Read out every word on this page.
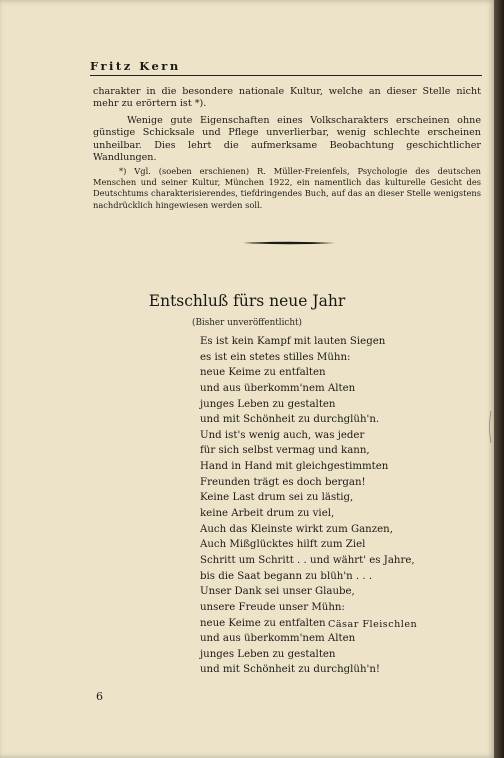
Fritz Kern
charakter in die besondere nationale Kultur, welche an dieser Stelle nicht mehr zu erörtern ist *).
Wenige gute Eigenschaften eines Volkscharakters erscheinen ohne günstige Schicksale und Pflege unverlierbar, wenig schlechte erscheinen unheilbar. Dies lehrt die aufmerksame Beobachtung geschichtlicher Wandlungen.
*) Vgl. (soeben erschienen) R. Müller-Freienfels, Psychologie des deutschen Menschen und seiner Kultur, München 1922, ein namentlich das kulturelle Gesicht des Deutschtums charakterisierendes, tiefdringendes Buch, auf das an dieser Stelle wenigstens nachdrücklich hingewiesen werden soll.
Entschluß fürs neue Jahr
(Bisher unveröffentlicht)
Es ist kein Kampf mit lauten Siegen
es ist ein stetes stilles Mühn:
neue Keime zu entfalten
und aus überkomm'nem Alten
junges Leben zu gestalten
und mit Schönheit zu durchglüh'n.
Und ist's wenig auch, was jeder
für sich selbst vermag und kann,
Hand in Hand mit gleichgestimmten
Freunden trägt es doch bergan!
Keine Last drum sei zu lästig,
keine Arbeit drum zu viel,
Auch das Kleinste wirkt zum Ganzen,
Auch Mißglücktes hilft zum Ziel
Schritt um Schritt . . und währt' es Jahre,
bis die Saat begann zu blüh'n . . .
Unser Dank sei unser Glaube,
unsere Freude unser Mühn:
neue Keime zu entfalten
und aus überkomm'nem Alten
junges Leben zu gestalten
und mit Schönheit zu durchglüh'n!
Cäsar Fleischlen
6
